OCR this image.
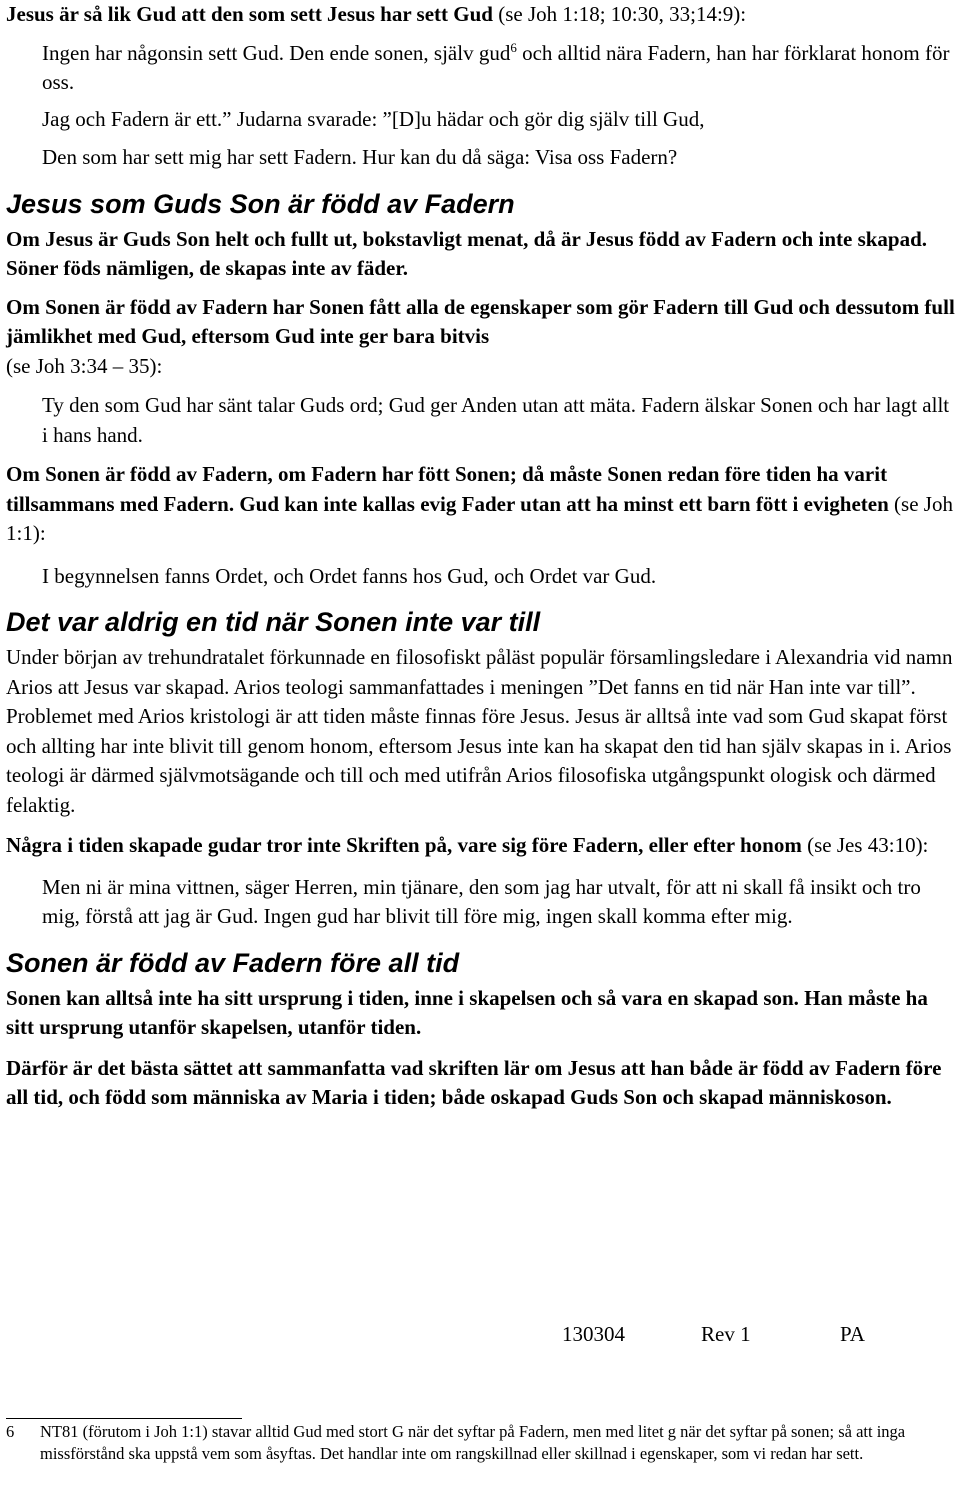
Jesus är så lik Gud att den som sett Jesus har sett Gud (se Joh 1:18; 10:30, 33;14:9):

Ingen har någonsin sett Gud. Den ende sonen, själv gud$^6$ och alltid nära Fadern, han har förklarat honom för oss.

Jag och Fadern är ett.” Judarna svarade: ”[D]u hädar och gör dig själv till Gud,

Den som har sett mig har sett Fadern. Hur kan du då säga: Visa oss Fadern?

Jesus som Guds Son är född av Fadern

Om Jesus är Guds Son helt och fullt ut, bokstavligt menat, då är Jesus född av Fadern och inte skapad. Söner föds nämligen, de skapas inte av fäder.

Om Sonen är född av Fadern har Sonen fått alla de egenskaper som gör Fadern till Gud och dessutom full jämlikhet med Gud, eftersom Gud inte ger bara bitvis
(se Joh 3:34 – 35):

Ty den som Gud har sänt talar Guds ord; Gud ger Anden utan att mäta. Fadern älskar Sonen och har lagt allt i hans hand.

Om Sonen är född av Fadern, om Fadern har fött Sonen; då måste Sonen redan före tiden ha varit tillsammans med Fadern. Gud kan inte kallas evig Fader utan att ha minst ett barn fött i evigheten (se Joh 1:1):

I begynnelsen fanns Ordet, och Ordet fanns hos Gud, och Ordet var Gud.

Det var aldrig en tid när Sonen inte var till

Under början av trehundratalet förkunnade en filosofiskt påläst populär församlingsledare i Alexandria vid namn Arios att Jesus var skapad. Arios teologi sammanfattades i meningen ”Det fanns en tid när Han inte var till”.

Problemet med Arios kristologi är att tiden måste finnas före Jesus. Jesus är alltså inte vad som Gud skapat först och allting har inte blivit till genom honom, eftersom Jesus inte kan ha skapat den tid han själv skapas in i. Arios teologi är därmed självmotsägande och till och med utifrån Arios filosofiska utgångspunkt ologisk och därmed felaktig.

Några i tiden skapade gudar tror inte Skriften på, vare sig före Fadern, eller efter honom (se Jes 43:10):

Men ni är mina vittnen, säger Herren, min tjänare, den som jag har utvalt, för att ni skall få insikt och tro mig, förstå att jag är Gud. Ingen gud har blivit till före mig, ingen skall komma efter mig.

Sonen är född av Fadern före all tid

Sonen kan alltså inte ha sitt ursprung i tiden, inne i skapelsen och så vara en skapad son. Han måste ha sitt ursprung utanför skapelsen, utanför tiden.

Därför är det bästa sättet att sammanfatta vad skriften lär om Jesus att han både är född av Fadern före all tid, och född som människa av Maria i tiden; både oskapad Guds Son och skapad människoson.

130304	Rev 1	PA
6 NT81 (förutom i Joh 1:1) stavar alltid Gud med stort G när det syftar på Fadern, men med litet g när det syftar på sonen; så att inga missförstånd ska uppstå vem som åsyftas. Det handlar inte om rangskillnad eller skillnad i egenskaper, som vi redan har sett.
